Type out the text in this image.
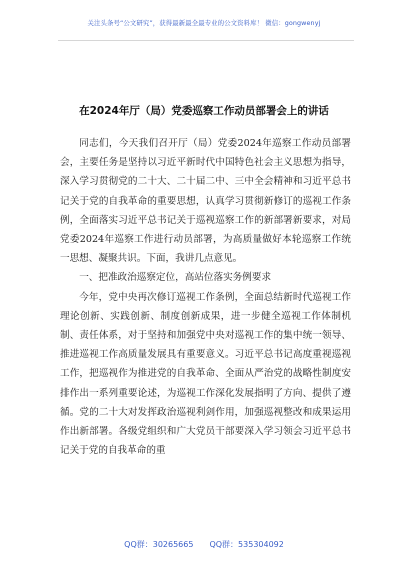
关注头条号“公文研究”，获得最新最全最专业的公文资料库！ 微信：gongwenyj
在2024年厅（局）党委巡察工作动员部署会上的讲话

同志们，今天我们召开厅（局）党委2024年巡察工作动员部署会，主要任务是坚持以习近平新时代中国特色社会主义思想为指导，深入学习贯彻党的二十大、二十届二中、三中全会精神和习近平总书记关于党的自我革命的重要思想，认真学习贯彻新修订的巡视工作条例，全面落实习近平总书记关于巡视巡察工作的新部署新要求，对局党委2024年巡察工作进行动员部署，为高质量做好本轮巡察工作统一思想、凝聚共识。下面，我讲几点意见。

一、把准政治巡察定位，高站位落实务例要求

今年，党中央再次修订巡视工作条例，全面总结新时代巡视工作理论创新、实践创新、制度创新成果，进一步健全巡视工作体制机制、责任体系，对于坚持和加强党中央对巡视工作的集中统一领导、推进巡视工作高质量发展具有重要意义。习近平总书记高度重视巡视工作，把巡视作为推进党的自我革命、全面从严治党的战略性制度安排作出一系列重要论述，为巡视工作深化发展指明了方向、提供了遵循。党的二十大对发挥政治巡视利剑作用，加强巡视整改和成果运用作出新部署。各级党组织和广大党员干部要深入学习领会习近平总书记关于党的自我革命的重

QQ群：30265665 QQ群：535304092
